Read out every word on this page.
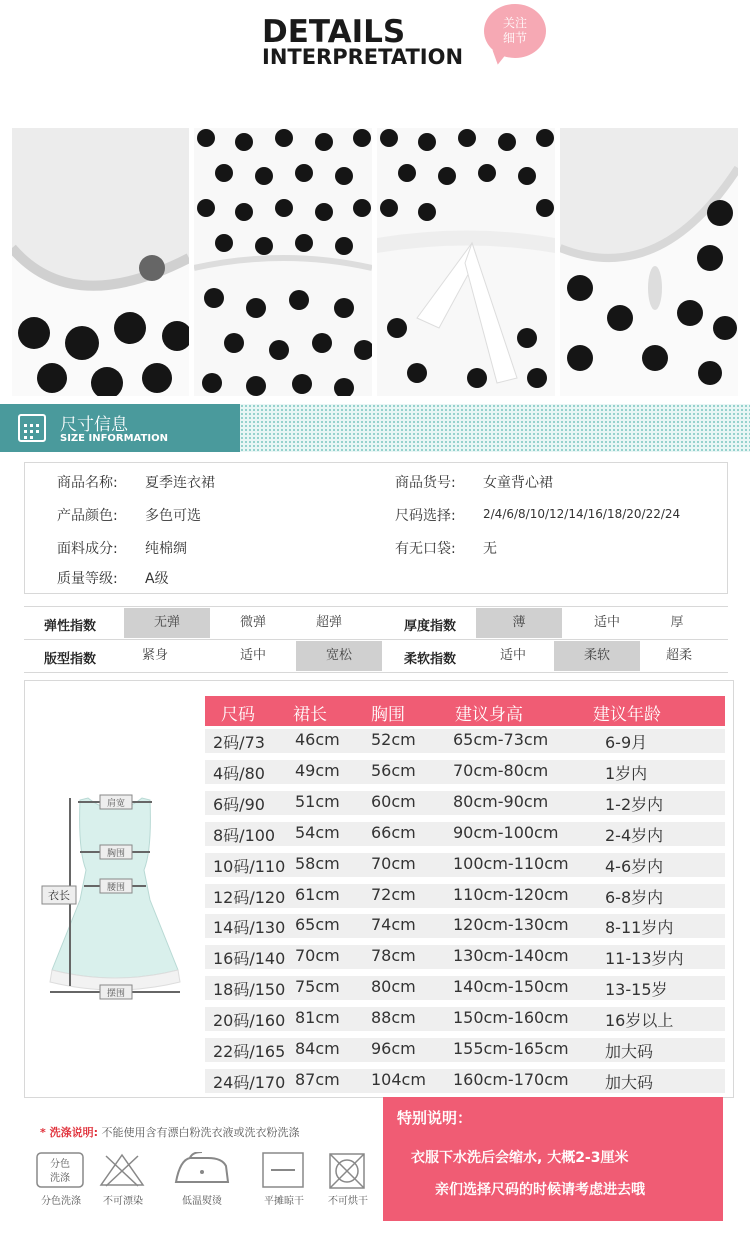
DETAILS
INTERPRETATION
关注
细节
尺寸信息
SIZE INFORMATION
商品名称: 夏季连衣裙	商品货号: 女童背心裙
产品颜色: 多色可选	尺码选择: 2/4/6/8/10/12/14/16/18/20/22/24
面料成分: 纯棉绸	有无口袋: 无
质量等级: A级
弹性指数	无弹	微弹	超弹	厚度指数	薄	适中	厚
版型指数	紧身	适中	宽松	柔软指数	适中	柔软	超柔
尺码 裙长	胸围	建议身高	建议年龄
2码/73 46cm 52cm 65cm-73cm	6-9月
4码/80 49cm 56cm 70cm-80cm	1岁内
6码/90 51cm 60cm 80cm-90cm	1-2岁内
8码/100 54cm 66cm 90cm-100cm	2-4岁内
10码/110 58cm 70cm 100cm-110cm 4-6岁内
12码/120 61cm 72cm 110cm-120cm 6-8岁内
14码/130 65cm 74cm 120cm-130cm 8-11岁内
16码/140 70cm 78cm 130cm-140cm 11-13岁内
18码/150 75cm 80cm 140cm-150cm 13-15岁
20码/160 81cm 88cm 150cm-160cm 16岁以上
22码/165 84cm 96cm 155cm-165cm 加大码
24码/170 87cm 104cm 160cm-170cm 加大码
肩宽
胸围
腰围
衣长
摆围
* 洗涤说明: 不能使用含有漂白粉洗衣液或洗衣粉洗涤
分色
洗涤
分色洗涤	不可漂染	低温熨烫	平摊晾干	不可烘干
特别说明：
衣服下水洗后会缩水, 大概2-3厘米
亲们选择尺码的时候请考虑进去哦
